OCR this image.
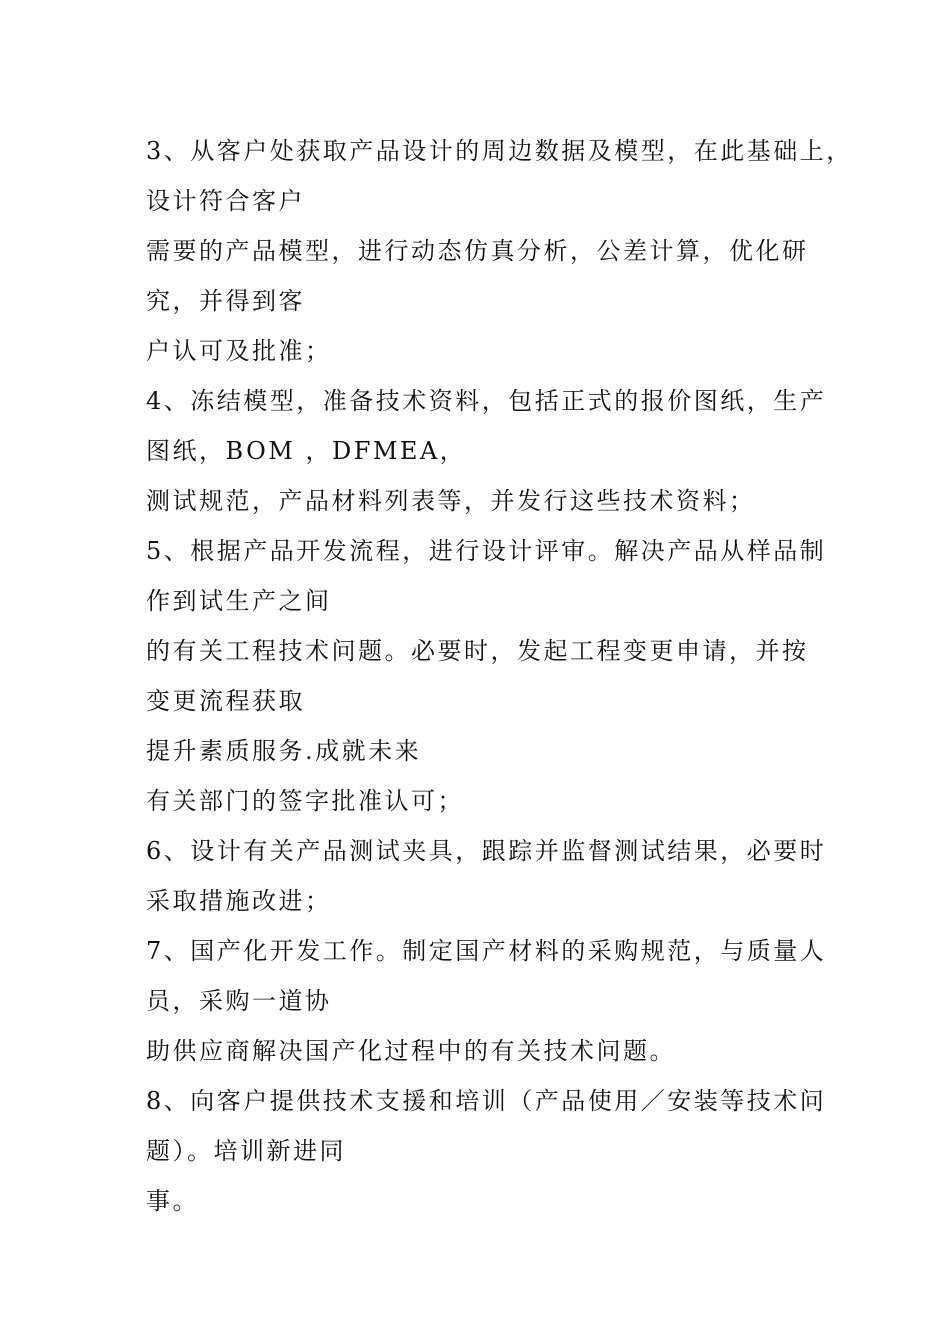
3、从客户处获取产品设计的周边数据及模型，在此基础上，

设计符合客户

需要的产品模型，进行动态仿真分析，公差计算，优化研

究，并得到客

户认可及批准；

4、冻结模型，准备技术资料，包括正式的报价图纸，生产

图纸，BOM ，DFMEA，

测试规范，产品材料列表等，并发行这些技术资料；

5、根据产品开发流程，进行设计评审。解决产品从样品制

作到试生产之间

的有关工程技术问题。必要时，发起工程变更申请，并按

变更流程获取

提升素质服务.成就未来

有关部门的签字批准认可；

6、设计有关产品测试夹具，跟踪并监督测试结果，必要时

采取措施改进；

7、国产化开发工作。制定国产材料的采购规范，与质量人

员，采购一道协

助供应商解决国产化过程中的有关技术问题。

8、向客户提供技术支援和培训（产品使用／安装等技术问

题）。培训新进同

事。
